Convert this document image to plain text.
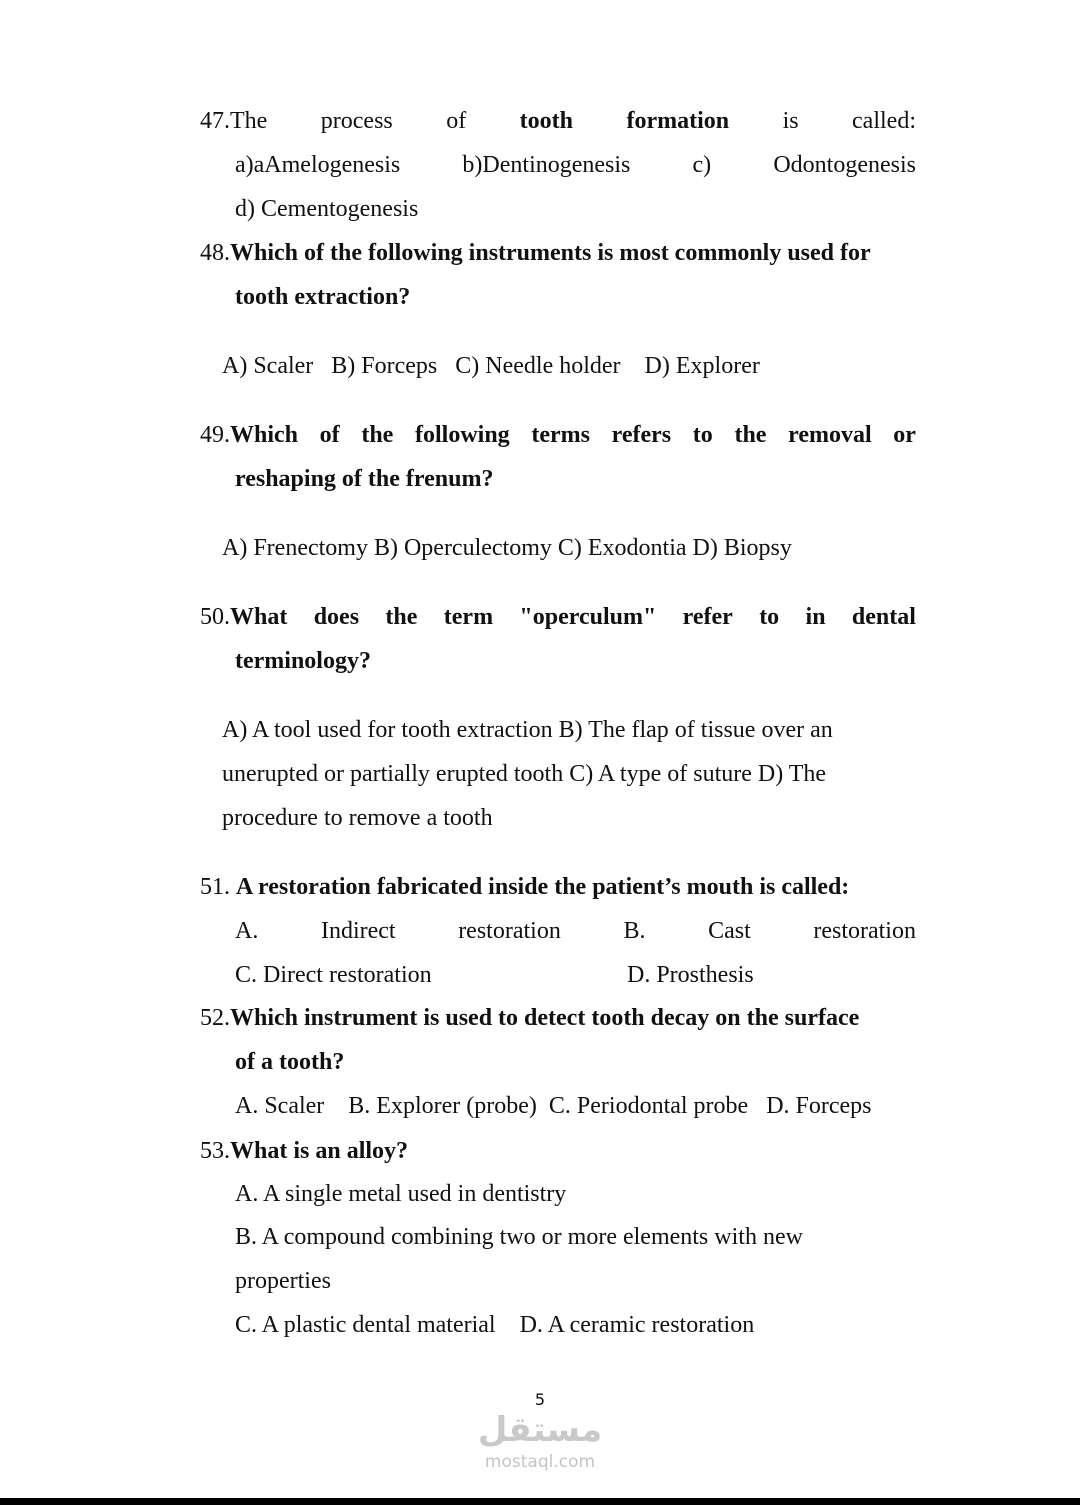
47.The process of tooth formation is called:
a)aAmelogenesis	b)Dentinogenesis	c)	Odontogenesis
d) Cementogenesis
48.Which of the following instruments is most commonly used for
tooth extraction?
A) Scaler   B) Forceps   C) Needle holder    D) Explorer
49. Which of the following terms refers to the removal or
reshaping of the frenum?
A) Frenectomy B) Operculectomy C) Exodontia D) Biopsy
50. What does the term "operculum" refer to in dental
terminology?
A) A tool used for tooth extraction B) The flap of tissue over an
unerupted or partially erupted tooth C) A type of suture D) The
procedure to remove a tooth
51. A restoration fabricated inside the patient’s mouth is called:
A.	Indirect	restoration	B.	Cast	restoration
C. Direct restoration	D. Prosthesis
52.Which instrument is used to detect tooth decay on the surface
of a tooth?
A. Scaler    B. Explorer (probe)  C. Periodontal probe   D. Forceps
53.What is an alloy?
A. A single metal used in dentistry
B. A compound combining two or more elements with new
properties
C. A plastic dental material    D. A ceramic restoration
5
مستقل
mostaql.com
